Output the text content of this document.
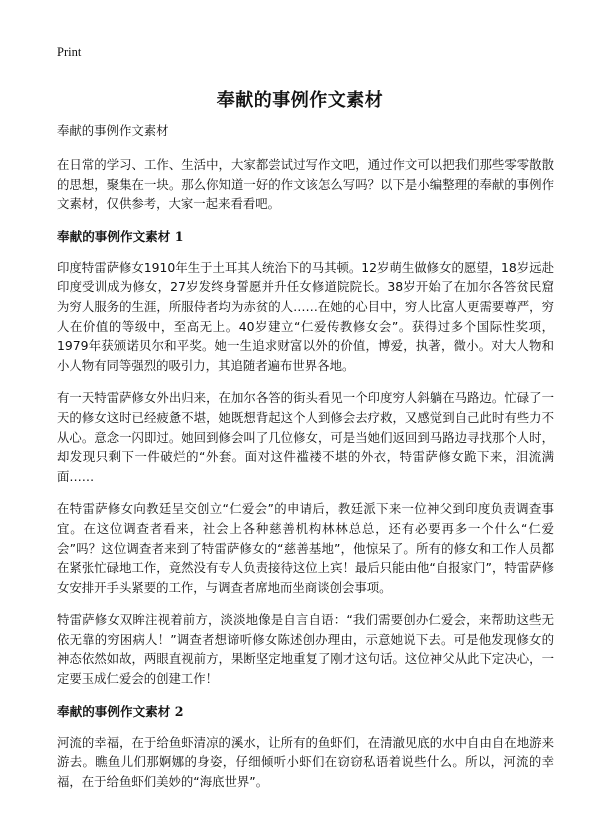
Print
奉献的事例作文素材
奉献的事例作文素材

在日常的学习、工作、生活中，大家都尝试过写作文吧，通过作文可以把我们那些零零散散的思想，聚集在一块。那么你知道一好的作文该怎么写吗？以下是小编整理的奉献的事例作文素材，仅供参考，大家一起来看看吧。

奉献的事例作文素材 1

印度特雷萨修女1910年生于土耳其人统治下的马其顿。12岁萌生做修女的愿望，18岁远赴印度受训成为修女，27岁发终身誓愿并升任女修道院院长。38岁开始了在加尔各答贫民窟为穷人服务的生涯，所服侍者均为赤贫的人……在她的心目中，穷人比富人更需要尊严，穷人在价值的等级中，至高无上。40岁建立“仁爱传教修女会”。获得过多个国际性奖项，1979年获颁诺贝尔和平奖。她一生追求财富以外的价值，博爱，执著，微小。对大人物和小人物有同等强烈的吸引力，其追随者遍布世界各地。

有一天特雷萨修女外出归来，在加尔各答的街头看见一个印度穷人斜躺在马路边。忙碌了一天的修女这时已经疲惫不堪，她既想背起这个人到修会去疗救，又感觉到自己此时有些力不从心。意念一闪即过。她回到修会叫了几位修女，可是当她们返回到马路边寻找那个人时，却发现只剩下一件破烂的“外套。面对这件褴褛不堪的外衣，特雷萨修女跪下来，泪流满面……

在特雷萨修女向教廷呈交创立“仁爱会”的申请后，教廷派下来一位神父到印度负责调查事宜。在这位调查者看来，社会上各种慈善机构林林总总，还有必要再多一个什么“仁爱会”吗？这位调查者来到了特雷萨修女的“慈善基地”，他惊呆了。所有的修女和工作人员都在紧张忙碌地工作，竟然没有专人负责接待这位上宾！最后只能由他“自报家门”，特雷萨修女安排开手头紧要的工作，与调查者席地而坐商谈创会事项。

特雷萨修女双眸注视着前方，淡淡地像是自言自语：“我们需要创办仁爱会，来帮助这些无依无靠的穷困病人！”调查者想谛听修女陈述创办理由，示意她说下去。可是他发现修女的神态依然如故，两眼直视前方，果断坚定地重复了刚才这句话。这位神父从此下定决心，一定要玉成仁爱会的创建工作！

奉献的事例作文素材 2

河流的幸福，在于给鱼虾清凉的溪水，让所有的鱼虾们，在清澈见底的水中自由自在地游来游去。瞧鱼儿们那婀娜的身姿，仔细倾听小虾们在窃窃私语着说些什么。所以，河流的幸福，在于给鱼虾们美妙的“海底世界”。
